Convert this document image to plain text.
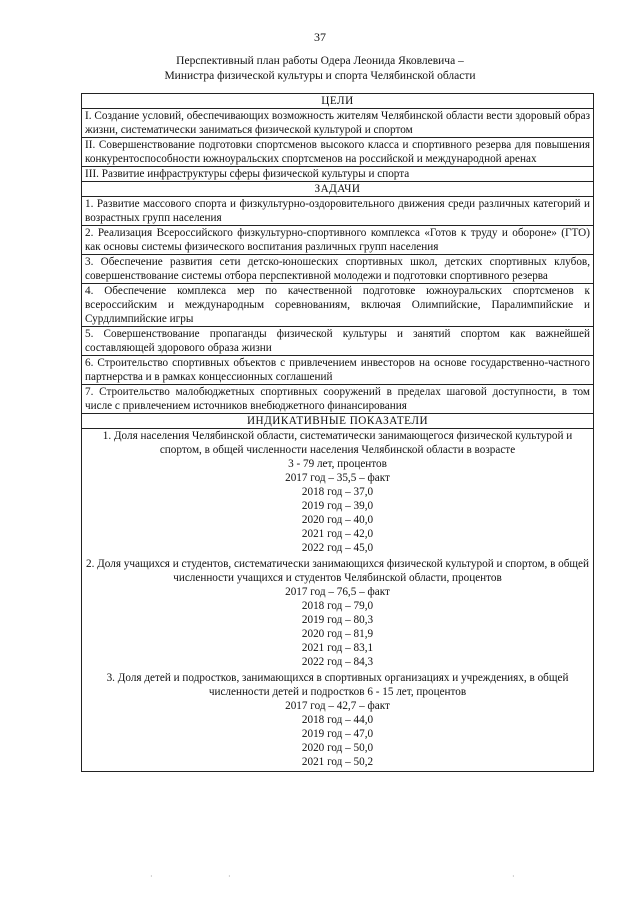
37
Перспективный план работы Одера Леонида Яковлевича –
Министра физической культуры и спорта Челябинской области
ЦЕЛИ
I. Создание условий, обеспечивающих возможность жителям Челябинской области вести здоровый образ жизни, систематически заниматься физической культурой и спортом
II. Совершенствование подготовки спортсменов высокого класса и спортивного резерва для повышения конкурентоспособности южноуральских спортсменов на российской и международной аренах
III. Развитие инфраструктуры сферы физической культуры и спорта
ЗАДАЧИ
1. Развитие массового спорта и физкультурно-оздоровительного движения среди различных категорий и возрастных групп населения
2. Реализация Всероссийского физкультурно-спортивного комплекса «Готов к труду и обороне» (ГТО) как основы системы физического воспитания различных групп населения
3. Обеспечение развития сети детско-юношеских спортивных школ, детских спортивных клубов, совершенствование системы отбора перспективной молодежи и подготовки спортивного резерва
4. Обеспечение комплекса мер по качественной подготовке южноуральских спортсменов к всероссийским и международным соревнованиям, включая Олимпийские, Паралимпийские и Сурдлимпийские игры
5. Совершенствование пропаганды физической культуры и занятий спортом как важнейшей составляющей здорового образа жизни
6. Строительство спортивных объектов с привлечением инвесторов на основе государственно-частного партнерства и в рамках концессионных соглашений
7. Строительство малобюджетных спортивных сооружений в пределах шаговой доступности, в том числе с привлечением источников внебюджетного финансирования
ИНДИКАТИВНЫЕ ПОКАЗАТЕЛИ

1. Доля населения Челябинской области, систематически занимающегося физической культурой и спортом, в общей численности населения Челябинской области в возрасте
3 - 79 лет, процентов
2017 год – 35,5 – факт
2018 год – 37,0
2019 год – 39,0
2020 год – 40,0
2021 год – 42,0
2022 год – 45,0
2. Доля учащихся и студентов, систематически занимающихся физической культурой и спортом, в общей численности учащихся и студентов Челябинской области, процентов
2017 год – 76,5 – факт
2018 год – 79,0
2019 год – 80,3
2020 год – 81,9
2021 год – 83,1
2022 год – 84,3
3. Доля детей и подростков, занимающихся в спортивных организациях и учреждениях, в общей численности детей и подростков 6 - 15 лет, процентов
2017 год – 42,7 – факт
2018 год – 44,0
2019 год – 47,0
2020 год – 50,0
2021 год – 50,2
·	·	·
